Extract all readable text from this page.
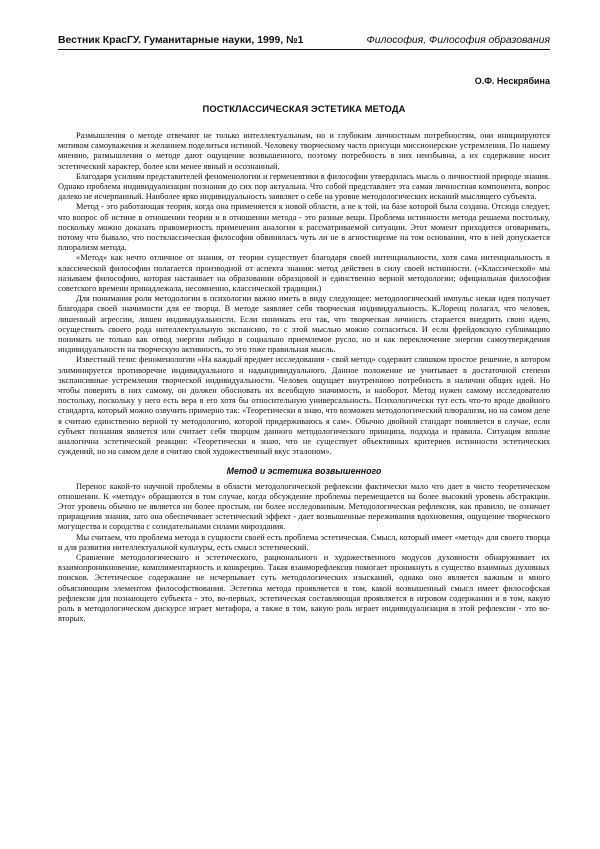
Вестник КрасГУ. Гуманитарные науки, 1999, №1	Философия, Философия образования
О.Ф. Нескрябина
ПОСТКЛАССИЧЕСКАЯ ЭСТЕТИКА МЕТОДА

Размышления о методе отвечают не только интеллектуальным, но и глубоким личностным потребностям, они инициируются мотивом самоуважения и желанием поделиться истиной. Человеку творческому часто присущи миссионерские устремления. По нашему мнению, размышления о методе дают ощущение возвышенного, поэтому потребность в них неизбывна, а их содержание носит эстетический характер, более или менее явный и осознанный.

Благодаря усилиям представителей феноменологии и герменевтики в философии утвердилась мысль о личностной природе знания. Однако проблема индивидуализации познания до сих пор актуальна. Что собой представляет эта самая личностная компонента, вопрос далеко не исчерпанный. Наиболее ярко индивидуальность заявляет о себе на уровне методологических исканий мыслящего субъекта.

Метод - это работающая теория, когда она применяется к новой области, а не к той, на базе которой была создана. Отсюда следует, что вопрос об истине в отношении теории и в отношении метода - это разные вещи. Проблема истинности метода решаема постольку, поскольку можно доказать правомерность применения аналогии к рассматриваемой ситуации. Этот момент приходится оговаривать, потому что бывало, что постклассическая философия обвиняласъ чуть ли не в агностицизме на том основании, что в ней допускается плюрализм метода.

«Метод» как нечто отличное от знания, от теории существует благодаря своей интенциальности, хотя сама интенциальность в классической философии полагается производной от аспекта знания: метод действен в силу своей истинности. («Классической» мы называем философию, которая настаивает на образовании образцовой и единственно верной методологии; официальная философия советского времени принадлежала, несомненно, классической традиции.)

Для понимания роли методологии в психологии важно иметь в виду следующее: методологический импульс некая идея получает благодаря своей значимости для ее творца. В методе заявляет себя творческая индивидуальность. К.Лоренц полагал, что человек, лишенный агрессии, лишен индивидуальности. Если понимать его так, что творческая личность старается внедрить свою идею, осуществить своего рода интеллектуальную экспансию, то с этой мыслью можно согласиться. И если фрейдовскую сублимацию понимать не только как отвод энергии либидо в социально приемлемое русло, но и как переключение энергии самоутверждения индивидуальности на творческую активность, то это тоже правильная мысль.

Известный тезис феноменологии «На каждый предмет исследования - свой метод» содержит слишком простое решение, в котором элиминируется противоречие индивидуального и надындивидуального. Данное положение не учитывает в достаточной степени экспансивные устремления творческой индивидуальности. Человек ощущает внутреннюю потребность в наличии общих идей. Но чтобы поверить в них самому, он должен обосновать их всеобщую значимость, и наоборот. Метод нужен самому исследователю постольку, поскольку у него есть вера в его хотя бы относительную универсальность. Психологически тут есть что-то вроде двойного стандарта, который можно озвучить примерно так: «Теоретически я знаю, что возможен методологический плюрализм, но на самом деле я считаю единственно верной ту методологию, которой придерживаюсь я сам». Обычно двойной стандарт появляется в случае, если субъект познания является или считает себя творцом данного методологического принципа, подхода и правила. Ситуация вполне аналогична эстетической реакции: «Теоретически я знаю, что не существует объективных критериев истинности эстетических суждений, но на самом деле я считаю свой художественный вкус эталоном».

Метод и эстетика возвышенного

Перенос какой-то научной проблемы в области методологической рефлексии фактически мало что дает в чисто теоретическом отношении. К «методу» обращаются в том случае, когда обсуждение проблемы перемещается на более высокий уровень абстракции. Этот уровень обычно не является ни более простым, ни более исследованным. Методологическая рефлексия, как правило, не означает приращения знания, зато она обеспечивает эстетический эффект - дает возвышенные переживания вдохновения, ощущение творческого могущества и сородства с созидательными силами мироздания.

Мы считаем, что проблема метода в сущности своей есть проблема эстетическая. Смысл, который имеет «метод» для своего творца и для развития интеллектуальной культуры, есть смысл эстетический.

Сравнение методологического и эстетического, рационального и художественного модусов духовности обнаруживает их взаимопроникновение, комплиментарность и конкрецию. Такая взаиморефлексия помогает проникнуть в существо взаимных духовных поисков. Эстетическое содержание не исчерпывает суть методологических изысканий, однако оно является важным и много объясняющим элементом философствования. Эстетика метода проявляется в том, какой возвышенный смысл имеет философская рефлексия для познающего субъекта - это, во-первых, эстетическая составляющая проявляется в игровом содержании и в том, какую роль в методологическом дискурсе играет метафора, а также в том, какую роль играет индивидуализация в этой рефлексии - это во-вторых.
